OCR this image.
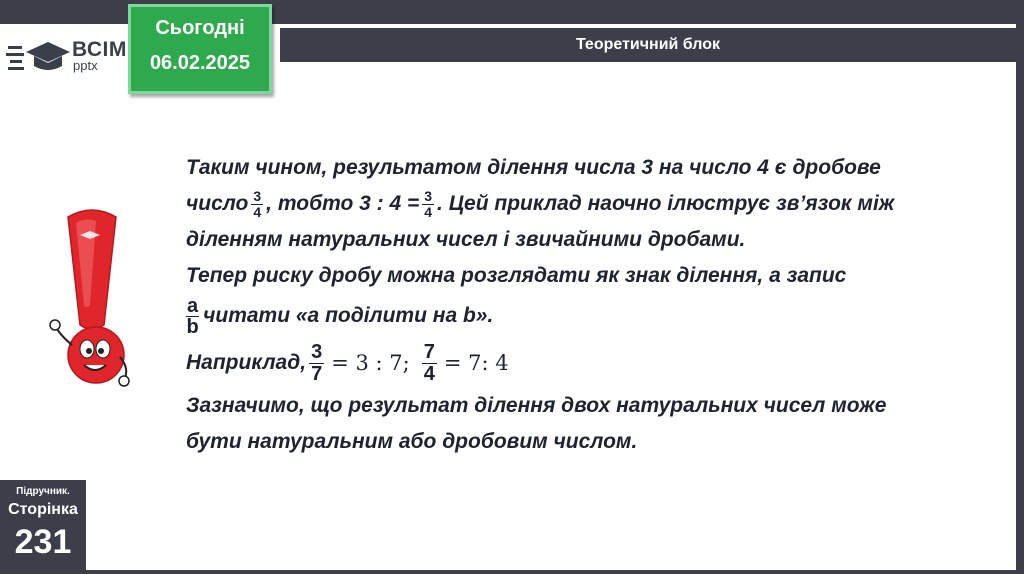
ВСІМ
pptx
Сьогодні
06.02.2025
Теоретичний блок
Таким чином, результатом ділення числа 3 на число 4 є дробове
число $\frac{3}{4}$ , тобто 3 : $4 = \frac{3}{4}$ . Цей приклад наочно ілюструє зв’язок між
діленням натуральних чисел і звичайними дробами.
Тепер риску дробу можна розглядати як знак ділення, а запис
$\frac{a}{b}$ читати «а поділити на b».
Наприклад, $\frac{3}{7} = 3$ : 7; $\frac{7}{4} = 7$: 4
Зазначимо, що результат ділення двох натуральних чисел може
бути натуральним або дробовим числом.
Підручник.
Сторінка
231
